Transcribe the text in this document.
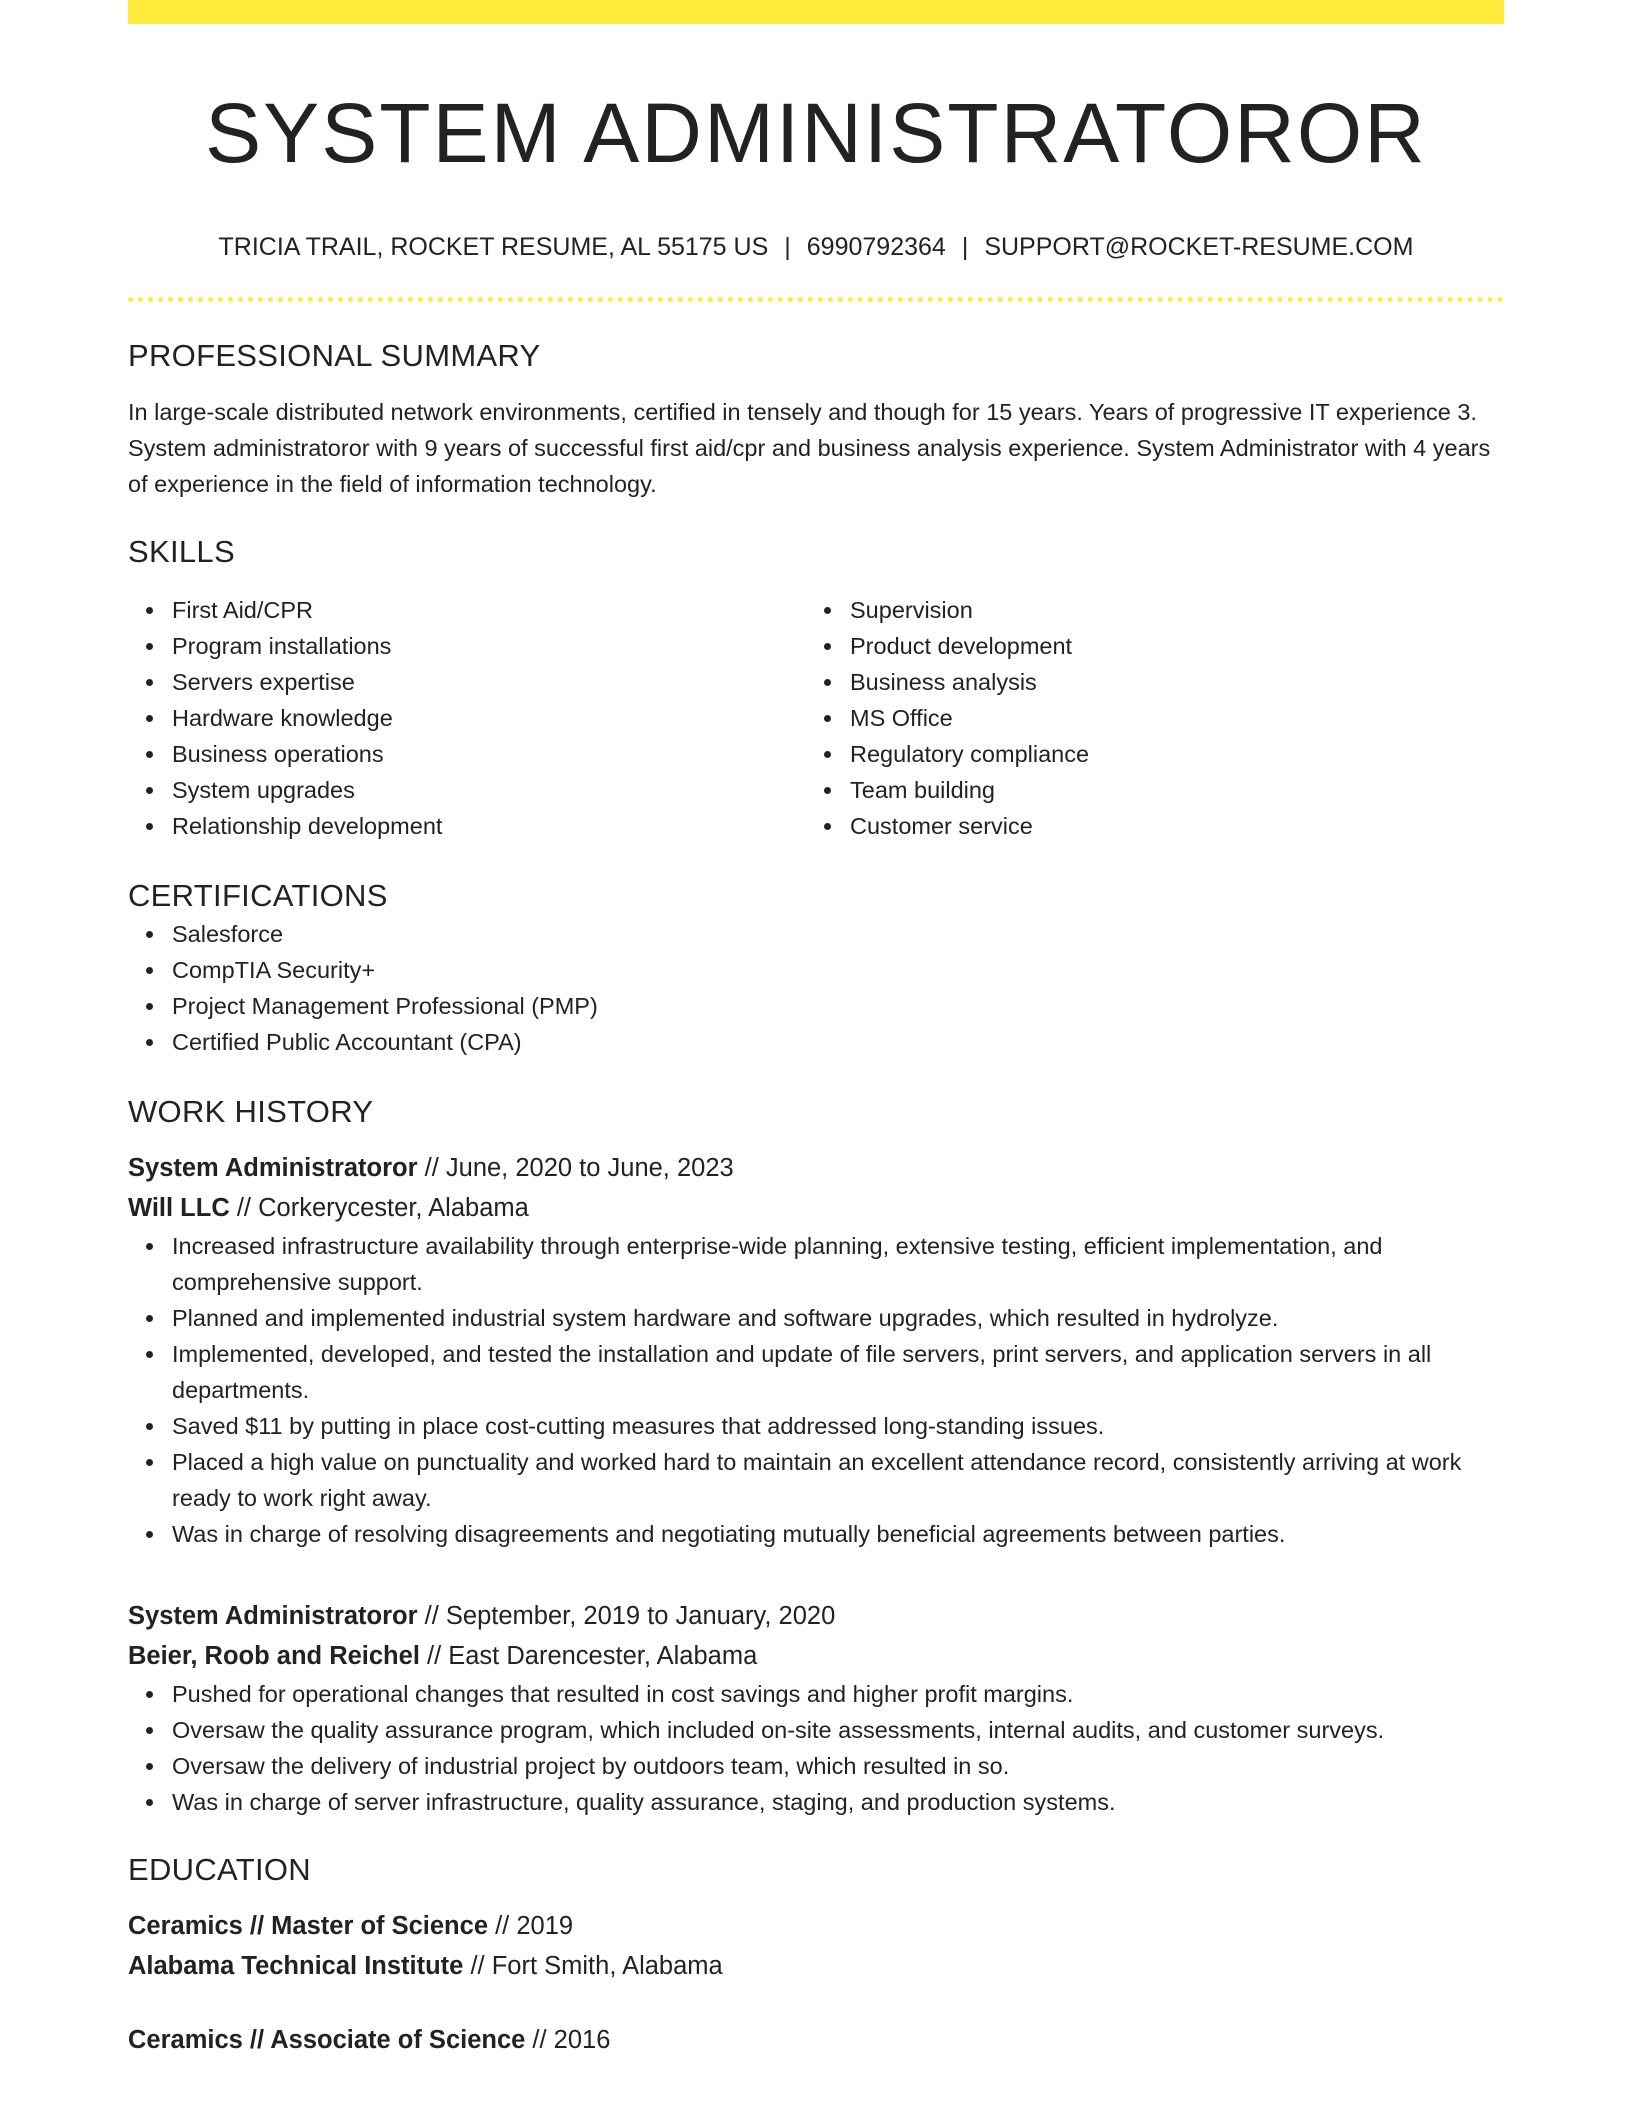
SYSTEM ADMINISTRATOROR
TRICIA TRAIL, ROCKET RESUME, AL 55175 US | 6990792364 | SUPPORT@ROCKET-RESUME.COM
PROFESSIONAL SUMMARY
In large-scale distributed network environments, certified in tensely and though for 15 years. Years of progressive IT experience 3. System administratoror with 9 years of successful first aid/cpr and business analysis experience. System Administrator with 4 years of experience in the field of information technology.
SKILLS
First Aid/CPR
Program installations
Servers expertise
Hardware knowledge
Business operations
System upgrades
Relationship development
Supervision
Product development
Business analysis
MS Office
Regulatory compliance
Team building
Customer service
CERTIFICATIONS
Salesforce
CompTIA Security+
Project Management Professional (PMP)
Certified Public Accountant (CPA)
WORK HISTORY
System Administratoror // June, 2020 to June, 2023
Will LLC // Corkerycester, Alabama
Increased infrastructure availability through enterprise-wide planning, extensive testing, efficient implementation, and comprehensive support.
Planned and implemented industrial system hardware and software upgrades, which resulted in hydrolyze.
Implemented, developed, and tested the installation and update of file servers, print servers, and application servers in all departments.
Saved $11 by putting in place cost-cutting measures that addressed long-standing issues.
Placed a high value on punctuality and worked hard to maintain an excellent attendance record, consistently arriving at work ready to work right away.
Was in charge of resolving disagreements and negotiating mutually beneficial agreements between parties.
System Administratoror // September, 2019 to January, 2020
Beier, Roob and Reichel // East Darencester, Alabama
Pushed for operational changes that resulted in cost savings and higher profit margins.
Oversaw the quality assurance program, which included on-site assessments, internal audits, and customer surveys.
Oversaw the delivery of industrial project by outdoors team, which resulted in so.
Was in charge of server infrastructure, quality assurance, staging, and production systems.
EDUCATION
Ceramics // Master of Science // 2019
Alabama Technical Institute // Fort Smith, Alabama
Ceramics // Associate of Science // 2016
